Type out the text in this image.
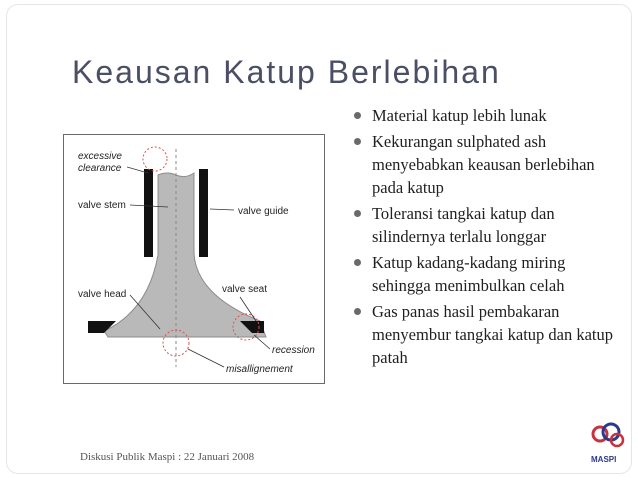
Keausan Katup Berlebihan
excessive
clearance
recession
misallignement
valve stem
valve guide
valve head	valve seat
Material katup lebih lunak
Kekurangan sulphated ash menyebabkan keausan berlebihan pada katup
Toleransi tangkai katup dan silindernya terlalu longgar
Katup kadang-kadang miring sehingga menimbulkan celah
Gas panas hasil pembakaran menyembur tangkai katup dan katup patah
Diskusi Publik Maspi : 22 Januari 2008	MASPI
